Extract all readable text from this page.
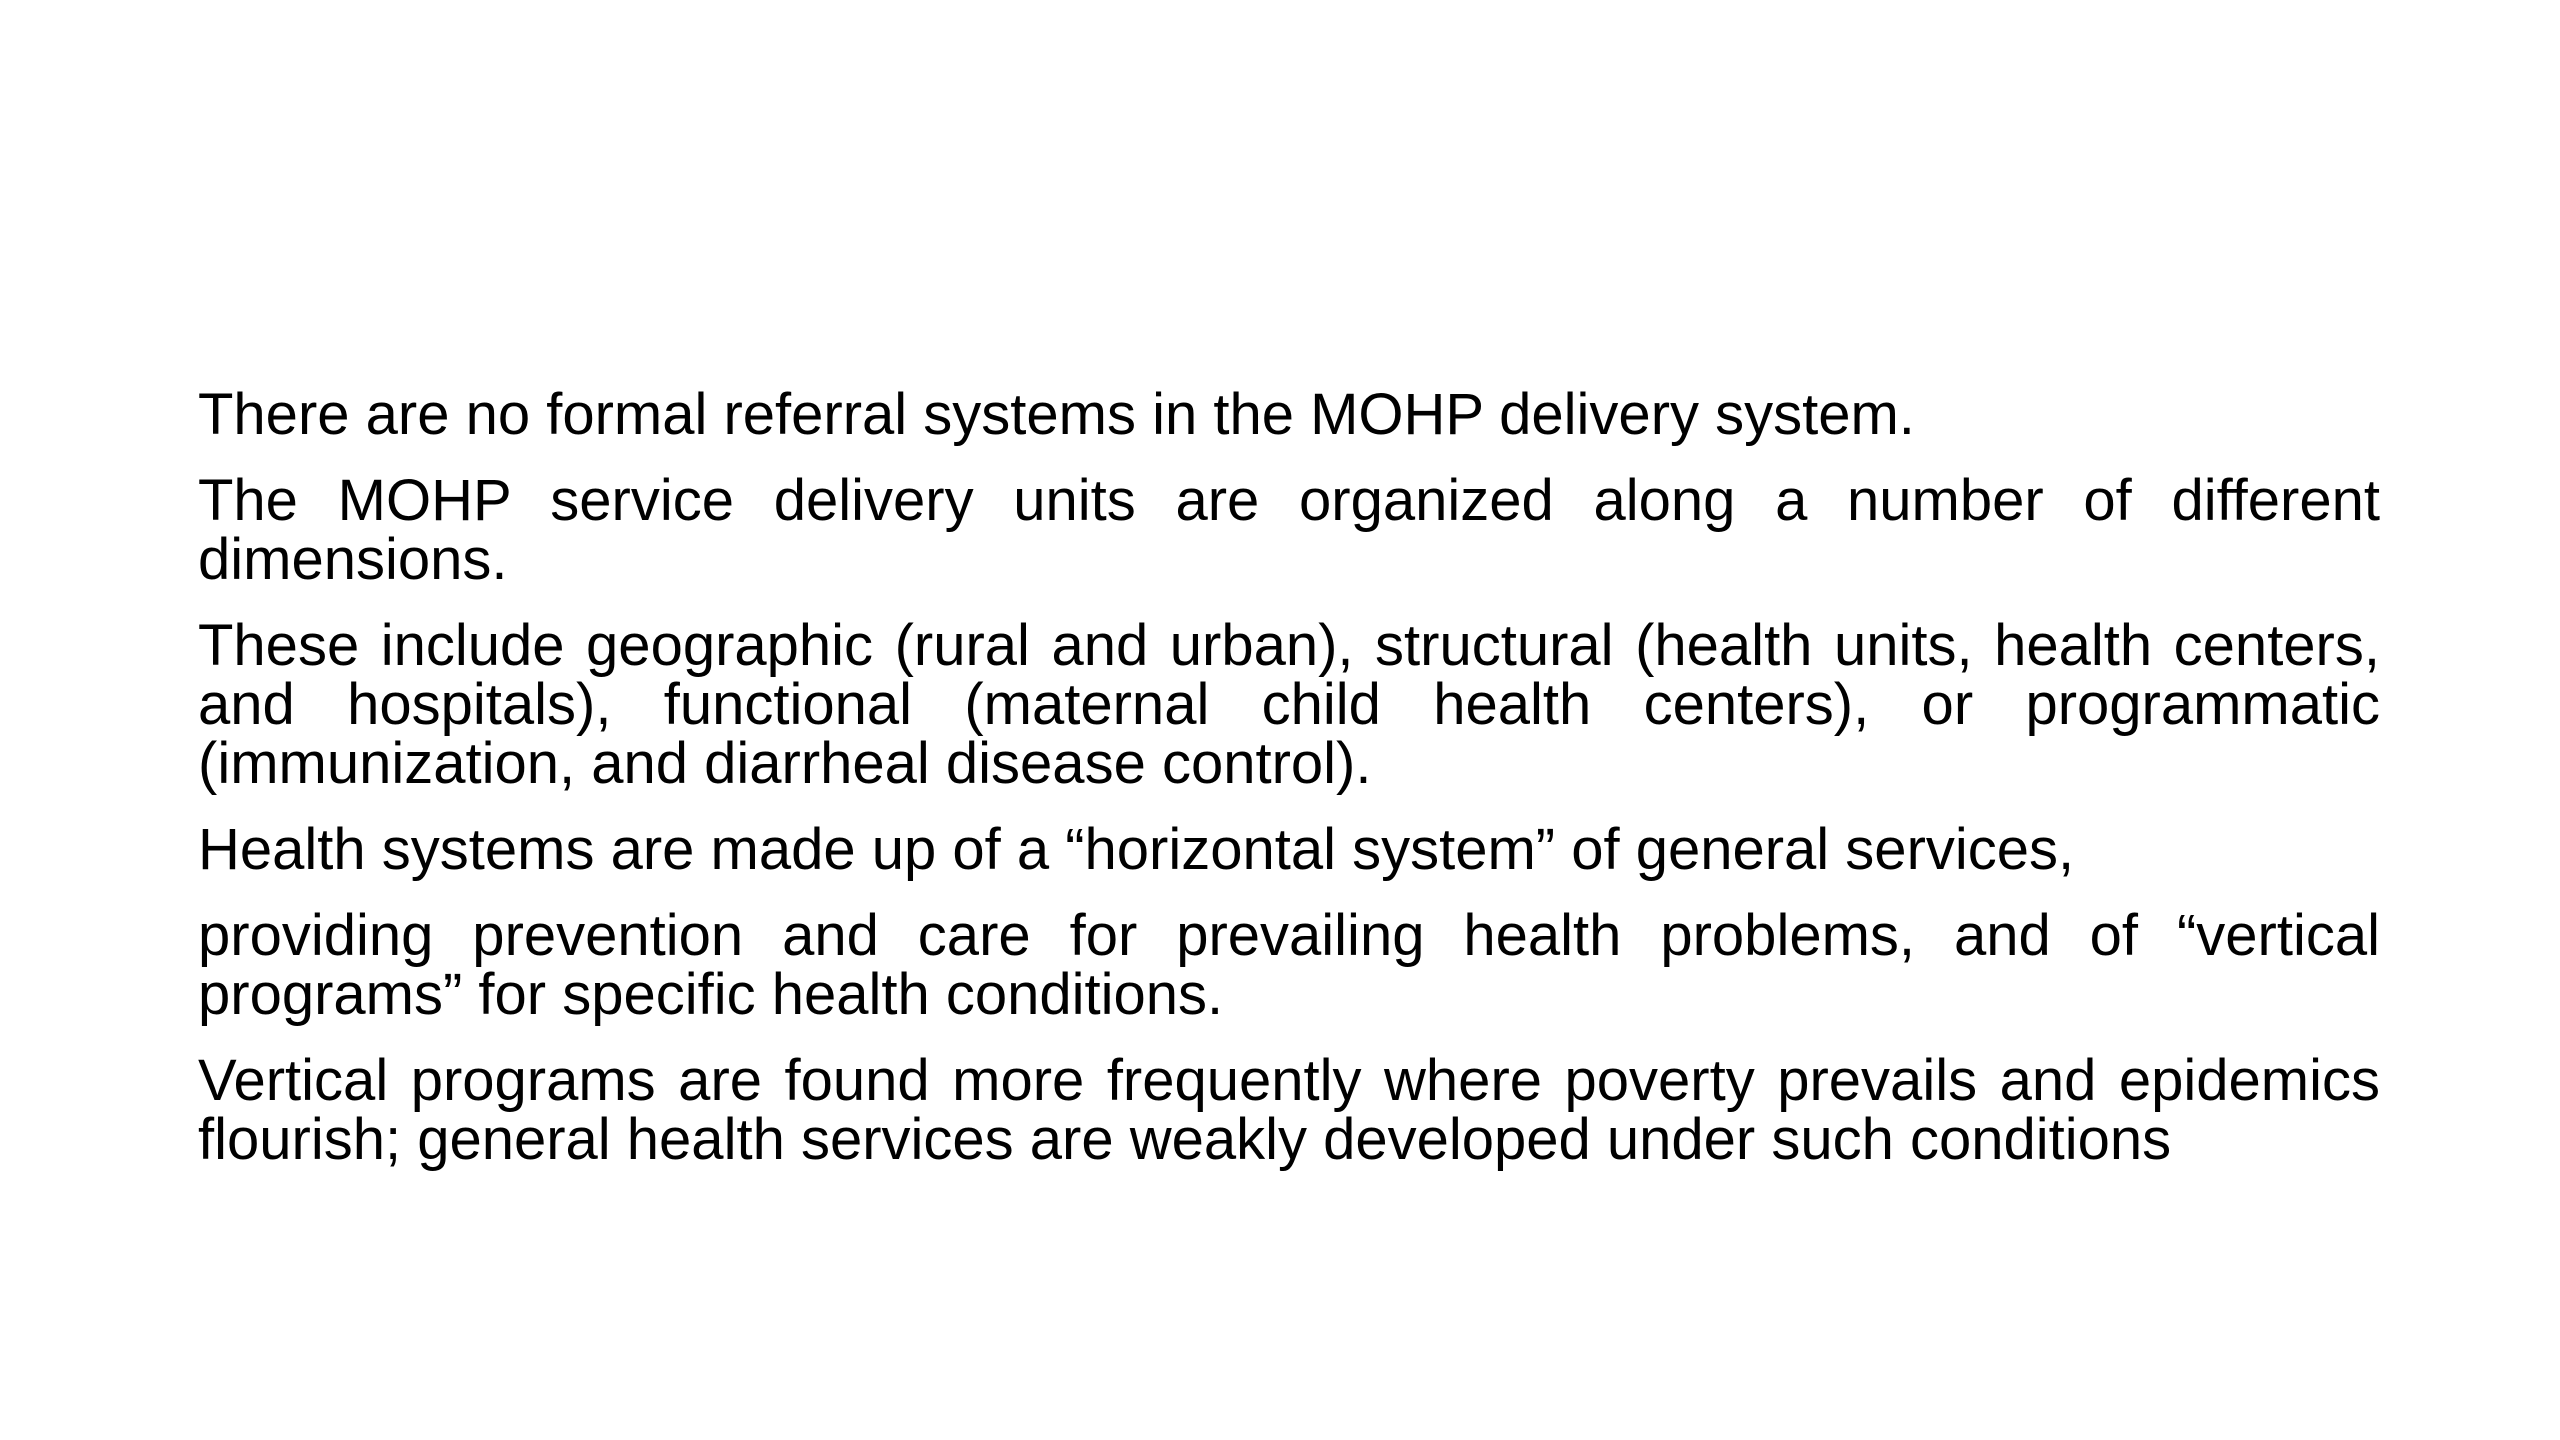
There are no formal referral systems in the MOHP delivery system.

The MOHP service delivery units are organized along a number of different dimensions.

These include geographic (rural and urban), structural (health units, health centers, and hospitals), functional (maternal child health centers), or programmatic (immunization, and diarrheal disease control).

Health systems are made up of a “horizontal system” of general services,

providing prevention and care for prevailing health problems, and of “vertical programs” for specific health conditions.

Vertical programs are found more frequently where poverty prevails and epidemics flourish; general health services are weakly developed under such conditions
